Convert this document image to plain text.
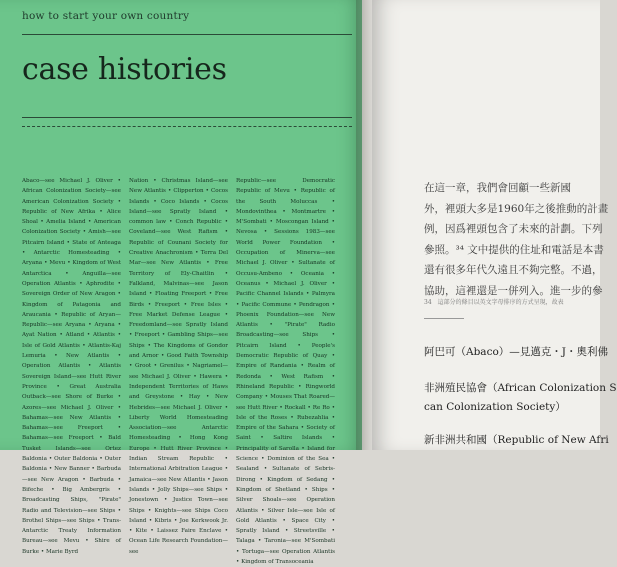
how to start your own country
case histories
Abaco—see Michael J. Oliver • African Colonization Society—see American Colonization Society • Republic of New Afrika • Alice Shoal • Amelia Island • American Colonization Society • Amish—see Pitcairn Island • State of Anteaga • Antarctic Homesteading • Aryana • Mevu • Kingdom of West Antarctica • Anguilla—see Operation Atlantis • Aphrodite • Sovereign Order of New Aragon • Kingdom of Patagonia and Araucania • Republic of Aryan—Republic—see Aryana • Aryana • Ayat Nation • Atland • Atlantis • Isle of Gold Atlantis • Atlantis-Kaj Lemuria • New Atlantis • Operation Atlantis • Atlantis Sovereign Island—see Hutt River Province • Great Australia Outback—see Shore of Burke • Azores—see Michael J. Oliver • Bahamas—see New Atlantis • Bahamas—see Freeport • Bahamas—see Freeport • Bald Tusket Islands—see Ortez Baldonia • Outer Baldonia • Outer Baldonia • New Banner • Barbuda—see New Aragon • Barbuda • Bifeche • Big Ambergris • Broadcasting Ships, "Pirate" Radio and Television—see Ships • Brothel Ships—see Ships • Trans-Antarctic Treaty Information Bureau—see Mevu • Shire of Burke • Marie Byrd
Nation • Christmas Island—see New Atlantis • Clipperton • Cocos Islands • Coco Islands • Cocos Island—see Spratly Island • common law • Conch Republic • Coveland—see West Rafism • Republic of Counani Society for Creative Anachronism • Terra Del Mar—see New Atlantis • Free Territory of Ely-Chaitlin • Falkland, Malvinas—see Jason Island • Floating Freeport • Free Birds • Freeport • Free Isles • Free Market Defense League • Freedomland—see Spratly Island • Freeport • Gambling Ships—see Ships • The Kingdoms of Gondor and Arnor • Good Faith Township • Groot • Grenilus • Nagriamel—see Michael J. Oliver • Hawera • Independent Territories of Haws and Greystone • Hay • New Hebrides—see Michael J. Oliver • Liberty World Homesteading Association—see Antarctic Homesteading • Hong Kong Europe • Hutt River Province • Indian Stream Republic • International Arbitration League • Jamaica—see New Atlantis • Jason Islands • Jolly Ships—see Ships • Jonestown • Justice Town—see Ships • Knights—see Ships Coco Island • Kibris • Joe Kerkwook Jr. • Kite • Laissez Faire Enclave • Ocean Life Research Foundation—see
Republic—see Democratic Republic of Mevu • Republic of the South Moluccas • Mondovinthea • Montmartre • M'Sombati • Moscongan Island • Nevosa • Sessions 1983—see World Power Foundation • Occupation of Minerva—see Michael J. Oliver • Sultanate of Occusu-Ambeno • Oceania • Oceanus • Michael J. Oliver • Pacific Channel Islands • Palmyra • Pacific Commune • Pendragon • Phoenix Foundation—see New Atlantis • "Pirate" Radio Broadcasting—see Ships • Pitcairn Island • People's Democratic Republic of Quay • Empire of Randania • Realm of Redonda • West Rafism • Rhineland Republic • Ringworld Company • Mouses That Roared—see Hutt River • Rockall • Re Ro • Isle of the Roses • Rubezahlia • Empire of the Sahara • Society of Saint • Saltire Islands • Principality of Sarolla • Island for Science • Dominion of the Sea • Sealand • Sultanate of Sebris-Dirong • Kingdom of Sedang • Kingdom of Shetland • Ships • Silver Shoals—see Operation Atlantis • Silver Isle—see Isle of Gold Atlantis • Space City • Spratly Island • Streetsville • Talaga • Taronia—see M'Sombati • Tortuga—see Operation Atlantis • Kingdom of Transoceania

在這一章，我們會回顧一些新國

外，裡頭大多是1960年之後推動的計畫

例，因爲裡頭包含了未來的計劃。下列

參照。³⁴ 文中提供的住址和電話是本書

還有很多年代久遠且不夠完整。不過，

協助，這裡還是一併列入。進一步的參

34　這部分的條目以英文字母排序的方式呈現，故表
阿巴可（Abaco）—見邁克・J・奧利佛
非洲殖民協會（African Colonization S
can Colonization Society）
新非洲共和國（Republic of New Afri
